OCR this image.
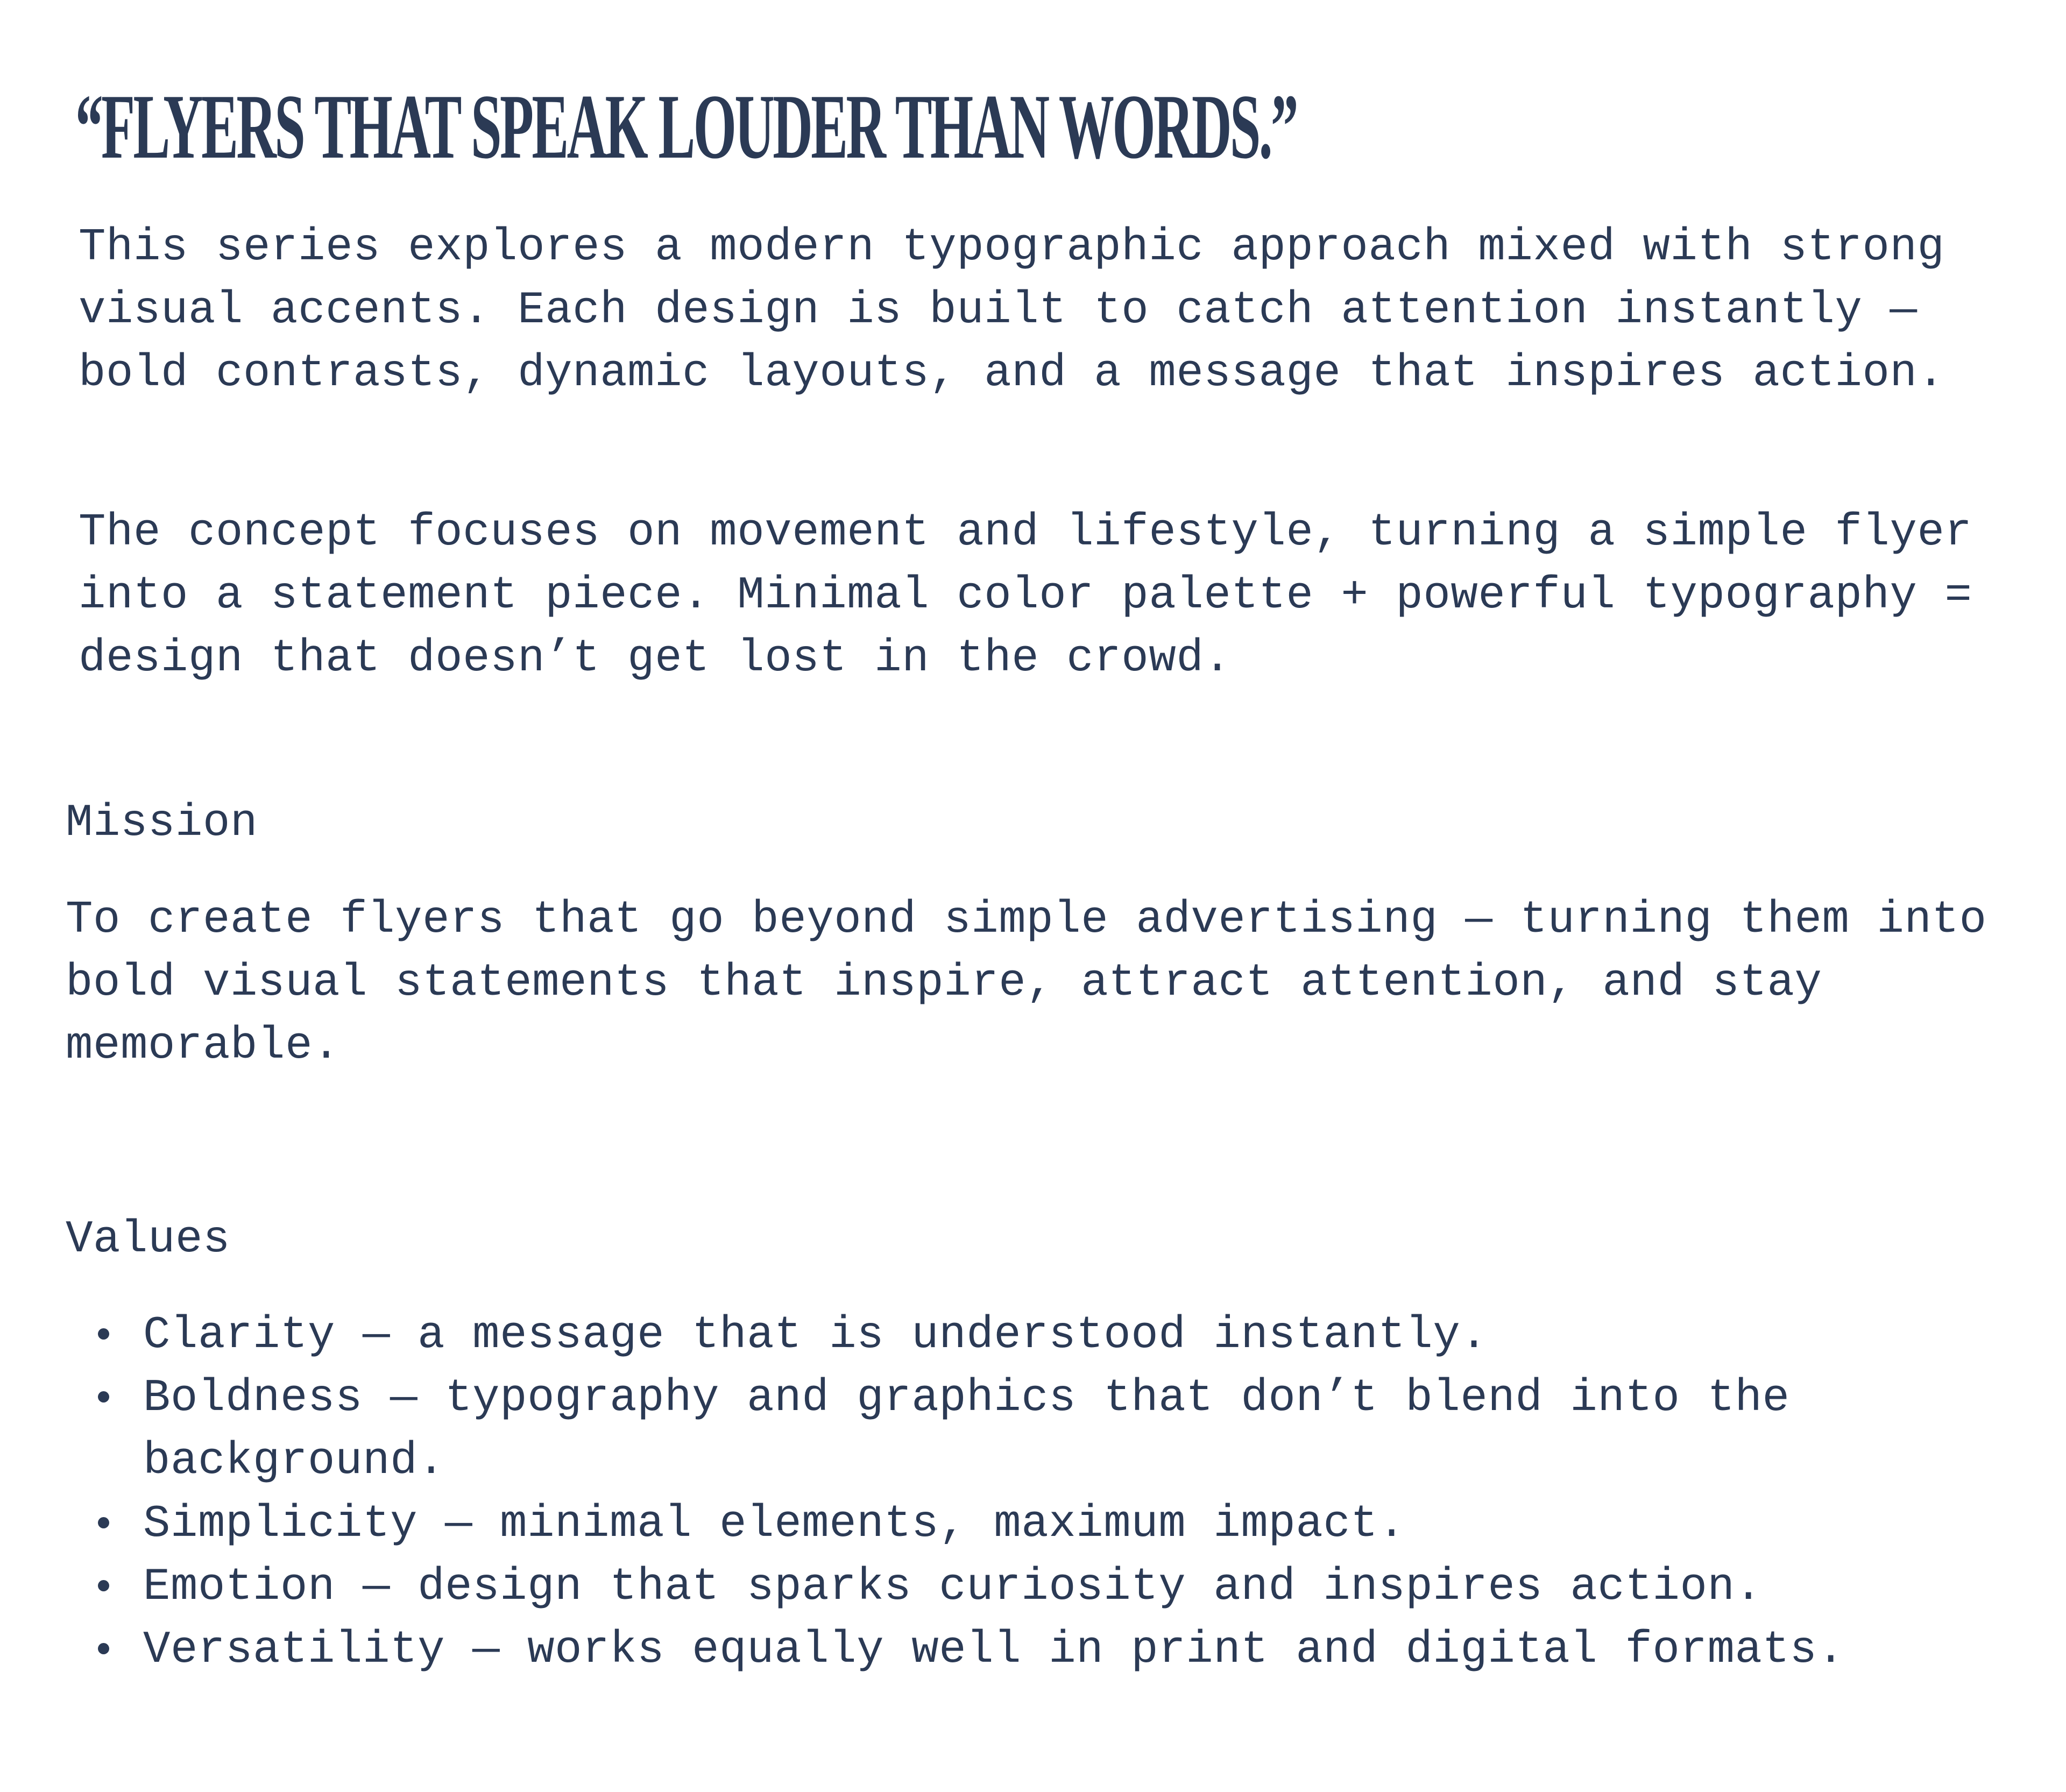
“FLYERS THAT SPEAK LOUDER THAN WORDS.”

This series explores a modern typographic approach mixed with strong visual accents. Each design is built to catch attention instantly — bold contrasts, dynamic layouts, and a message that inspires action.

The concept focuses on movement and lifestyle, turning a simple flyer into a statement piece. Minimal color palette + powerful typography = design that doesn’t get lost in the crowd.

Mission

To create flyers that go beyond simple advertising — turning them into bold visual statements that inspire, attract attention, and stay memorable.

Values
Clarity — a message that is understood instantly.
Boldness — typography and graphics that don’t blend into the background.
Simplicity — minimal elements, maximum impact.
Emotion — design that sparks curiosity and inspires action.
Versatility — works equally well in print and digital formats.
